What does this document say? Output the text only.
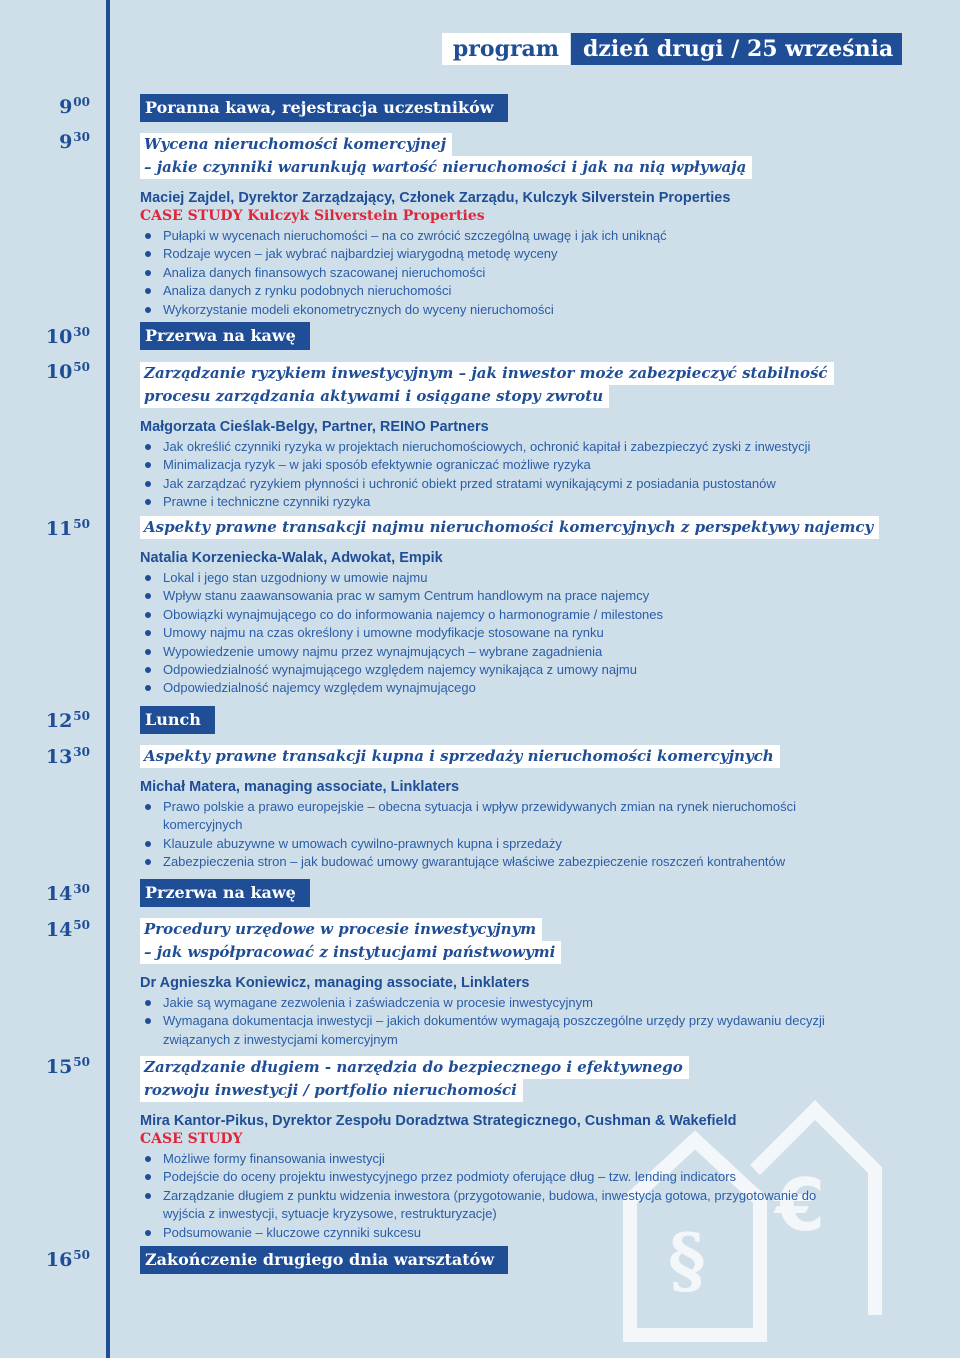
program	dzień drugi / 25 września
§
€
$9^{00}$	Poranna kawa, rejestracja uczestników
$9^{30}$	Wycena nieruchomości komercyjnej
– jakie czynniki warunkują wartość nieruchomości i jak na nią wpływają
Maciej Zajdel, Dyrektor Zarządzający, Członek Zarządu, Kulczyk Silverstein Properties
CASE STUDY Kulczyk Silverstein Properties
Pułapki w wycenach nieruchomości – na co zwrócić szczególną uwagę i jak ich uniknąć
Rodzaje wycen – jak wybrać najbardziej wiarygodną metodę wyceny
Analiza danych finansowych szacowanej nieruchomości
Analiza danych z rynku podobnych nieruchomości
Wykorzystanie modeli ekonometrycznych do wyceny nieruchomości
$10^{30}$	Przerwa na kawę
$10^{50}$	Zarządzanie ryzykiem inwestycyjnym – jak inwestor może zabezpieczyć stabilność
procesu zarządzania aktywami i osiągane stopy zwrotu
Małgorzata Cieślak-Belgy, Partner, REINO Partners
Jak określić czynniki ryzyka w projektach nieruchomościowych, ochronić kapitał i zabezpieczyć zyski z inwestycji
Minimalizacja ryzyk – w jaki sposób efektywnie ograniczać możliwe ryzyka
Jak zarządzać ryzykiem płynności i uchronić obiekt przed stratami wynikającymi z posiadania pustostanów
Prawne i techniczne czynniki ryzyka
$11^{50}$	Aspekty prawne transakcji najmu nieruchomości komercyjnych z perspektywy najemcy
Natalia Korzeniecka-Walak, Adwokat, Empik
Lokal i jego stan uzgodniony w umowie najmu
Wpływ stanu zaawansowania prac w samym Centrum handlowym na prace najemcy
Obowiązki wynajmującego co do informowania najemcy o harmonogramie / milestones
Umowy najmu na czas określony i umowne modyfikacje stosowane na rynku
Wypowiedzenie umowy najmu przez wynajmujących – wybrane zagadnienia
Odpowiedzialność wynajmującego względem najemcy wynikająca z umowy najmu
Odpowiedzialność najemcy względem wynajmującego
$12^{50}$	Lunch
$13^{30}$	Aspekty prawne transakcji kupna i sprzedaży nieruchomości komercyjnych
Michał Matera, managing associate, Linklaters
Prawo polskie a prawo europejskie – obecna sytuacja i wpływ przewidywanych zmian na rynek nieruchomości komercyjnych
Klauzule abuzywne w umowach cywilno-prawnych kupna i sprzedaży
Zabezpieczenia stron – jak budować umowy gwarantujące właściwe zabezpieczenie roszczeń kontrahentów
$14^{30}$	Przerwa na kawę
$14^{50}$	Procedury urzędowe w procesie inwestycyjnym
– jak współpracować z instytucjami państwowymi
Dr Agnieszka Koniewicz, managing associate, Linklaters
Jakie są wymagane zezwolenia i zaświadczenia w procesie inwestycyjnym
Wymagana dokumentacja inwestycji – jakich dokumentów wymagają poszczególne urzędy przy wydawaniu decyzji związanych z inwestycjami komercyjnym
$15^{50}$	Zarządzanie długiem - narzędzia do bezpiecznego i efektywnego
rozwoju inwestycji / portfolio nieruchomości
Mira Kantor-Pikus, Dyrektor Zespołu Doradztwa Strategicznego, Cushman & Wakefield
CASE STUDY
Możliwe formy finansowania inwestycji
Podejście do oceny projektu inwestycyjnego przez podmioty oferujące dług – tzw. lending indicators
Zarządzanie długiem z punktu widzenia inwestora (przygotowanie, budowa, inwestycja gotowa, przygotowanie do wyjścia z inwestycji, sytuacje kryzysowe, restrukturyzacje)
Podsumowanie – kluczowe czynniki sukcesu
$16^{50}$	Zakończenie drugiego dnia warsztatów
